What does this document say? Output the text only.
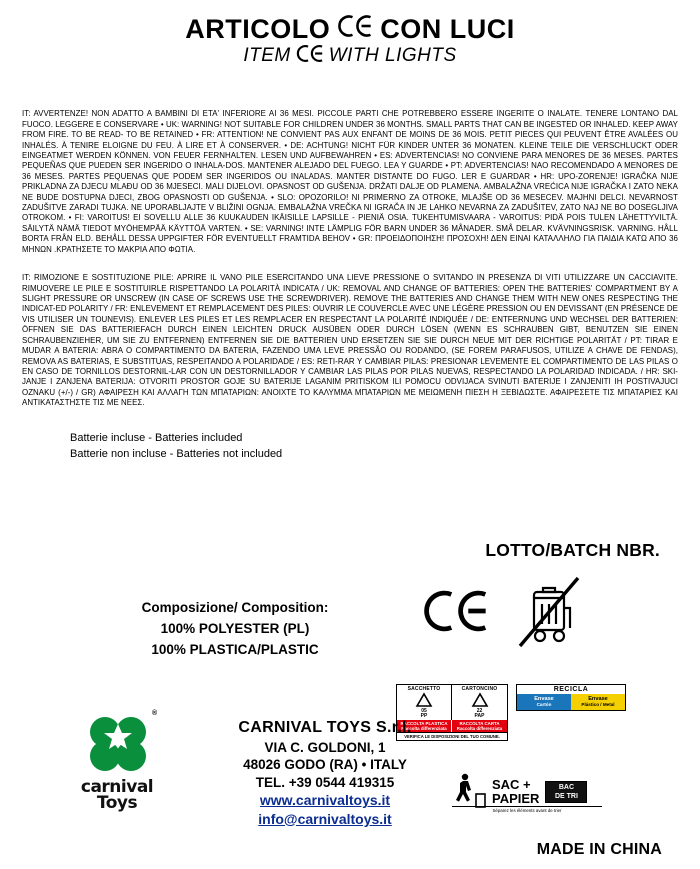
ARTICOLO CON LUCI
ITEM WITH LIGHTS

IT: AVVERTENZE! NON ADATTO A BAMBINI DI ETA' INFERIORE AI 36 MESI. PICCOLE PARTI CHE POTREBBERO ESSERE INGERITE O INALATE. TENERE LONTANO DAL FUOCO. LEGGERE E CONSERVARE • UK: WARNING! NOT SUITABLE FOR CHILDREN UNDER 36 MONTHS. SMALL PARTS THAT CAN BE INGESTED OR INHALED. KEEP AWAY FROM FIRE. TO BE READ- TO BE RETAINED • FR: ATTENTION! NE CONVIENT PAS AUX ENFANT DE MOINS DE 36 MOIS. PETIT PIECES QUI PEUVENT ÊTRE AVALÉES OU INHALÉS. À TENIRE ELOIGNE DU FEU. À LIRE ET À CONSERVER. • DE: ACHTUNG! NICHT FÜR KINDER UNTER 36 MONATEN. KLEINE TEILE DIE VERSCHLUCKT ODER EINGEATMET WERDEN KÖNNEN. VON FEUER FERNHALTEN. LESEN UND AUFBEWAHREN • ES: ADVERTENCIAS! NO CONVIENE PARA MENORES DE 36 MESES. PARTES PEQUEÑAS QUE PUEDEN SER INGERIDO O INHALA-DOS. MANTENER ALEJADO DEL FUEGO. LEA Y GUARDE • PT: ADVERTENCIAS! NAO RECOMENDADO A MENORES DE 36 MESES. PARTES PEQUENAS QUE PODEM SER INGERIDOS OU INALADAS. MANTER DISTANTE DO FUGO. LER E GUARDAR • HR: UPO-ZORENJE! IGRAČKA NIJE PRIKLADNA ZA DJECU MLAĐU OD 36 MJESECI. MALI DIJELOVI. OPASNOST OD GUŠENJA. DRŽATI DALJE OD PLAMENA. AMBALAŽNA VREĆICA NIJE IGRAČKA I ZATO NEKA NE BUDE DOSTUPNA DJECI, ZBOG OPASNOSTI OD GUŠENJA. • SLO: OPOZORILO! NI PRIMERNO ZA OTROKE, MLAJŠE OD 36 MESECEV. MAJHNI DELCI. NEVARNOST ZADUŠITVE ZARADI TUJKA. NE UPORABLJAJTE V BLIŽINI OGNJA. EMBALAŽNA VREČKA NI IGRAČA IN JE LAHKO NEVARNA ZA ZADUŠITEV, ZATO NAJ NE BO DOSEGLJIVA OTROKOM. • FI: VAROITUS! EI SOVELLU ALLE 36 KUUKAUDEN IKÄISILLE LAPSILLE - PIENIÄ OSIA. TUKEHTUMISVAARA - VAROITUS: PIDÄ POIS TULEN LÄHETTYVILTÄ. SÄILYTÄ NÄMÄ TIEDOT MYÖHEMPÄÄ KÄYTTÖÄ VARTEN. • SE: VARNING! INTE LÄMPLIG FÖR BARN UNDER 36 MÅNADER. SMÅ DELAR. KVÄVNINGSRISK. VARNING. HÅLL BORTA FRÅN ELD. BEHÅLL DESSA UPPGIFTER FÖR EVENTUELLT FRAMTIDA BEHOV • GR: ΠΡΟΕΙΔΟΠΟΙΗΣΗ! ΠΡΟΣΟΧΗ! ΔΕΝ ΕΙΝΑΙ ΚΑΤΑΛΛΗΛΟ ΓΙΑ ΠΑΙΔΙΑ ΚΑΤΩ ΑΠΟ 36 ΜΗΝΩΝ .ΚΡΑΤΗΣΕΤΕ ΤΟ ΜΑΚΡΙΑ ΑΠΟ ΦΩΤΙΑ.

IT: RIMOZIONE E SOSTITUZIONE PILE: APRIRE IL VANO PILE ESERCITANDO UNA LIEVE PRESSIONE O SVITANDO IN PRESENZA DI VITI UTILIZZARE UN CACCIAVITE. RIMUOVERE LE PILE E SOSTITUIRLE RISPETTANDO LA POLARITÀ INDICATA / UK: REMOVAL AND CHANGE OF BATTERIES: OPEN THE BATTERIES' COMPARTMENT BY A SLIGHT PRESSURE OR UNSCREW (IN CASE OF SCREWS USE THE SCREWDRIVER). REMOVE THE BATTERIES AND CHANGE THEM WITH NEW ONES RESPECTING THE INDICAT-ED POLARITY / FR: ENLEVEMENT ET REMPLACEMENT DES PILES: OUVRIR LE COUVERCLE AVEC UNE LÉGÈRE PRESSION OU EN DEVISSANT (EN PRÉSENCE DE VIS UTILISER UN TOUNEVIS). ENLEVER LES PILES ET LES REMPLACER EN RESPECTANT LA POLARITÉ INDIQUÉE / DE: ENTFERNUNG UND WECHSEL DER BATTERIEN: ÖFFNEN SIE DAS BATTERIEFACH DURCH EINEN LEICHTEN DRUCK AUSÜBEN ODER DURCH LÖSEN (WENN ES SCHRAUBEN GIBT, BENUTZEN SIE EINEN SCHRAUBENZIEHER, UM SIE ZU ENTFERNEN) ENTFERNEN SIE DIE BATTERIEN UND ERSETZEN SIE SIE DURCH NEUE MIT DER RICHTIGE POLARITÄT / PT: TIRAR E MUDAR A BATERIA: ABRA O COMPARTIMENTO DA BATERIA, FAZENDO UMA LEVE PRESSÃO OU RODANDO, (SE FOREM PARAFUSOS, UTILIZE A CHAVE DE FENDAS), REMOVA AS BATERIAS, E SUBSTITUAS, RESPEITANDO A POLARIDADE / ES: RETI-RAR Y CAMBIAR PILAS: PRESIONAR LEVEMENTE EL COMPARTIMENTO DE LAS PILAS O EN CASO DE TORNILLOS DESTORNIL-LAR CON UN DESTORNILLADOR Y CAMBIAR LAS PILAS POR PILAS NUEVAS, RESPECTANDO LA POLARIDAD INDICADA. / HR: SKI-JANJE I ZANJENA BATERIJA: OTVORITI PROSTOR GOJE SU BATERIJE LAGANIM PRITISKOM ILI POMOCU ODVIJACA SVINUTI BATERIJE I ZANJENITI IH POSTIVAJUCI OZNAKU (+/-) / GR) ΑΦΑΙΡΕΣΗ ΚΑΙ ΑΛΛΑΓΗ ΤΩΝ ΜΠΑΤΑΡΙΩΝ: ΑΝΟΙΧΤΕ ΤΟ ΚΑΛΥΜΜΑ ΜΠΑΤΑΡΙΩΝ ΜΕ ΜΕΙΩΜΕΝΗ ΠΙΕΣΗ Η ΞΕΒΙΔΩΣΤΕ. ΑΦΑΙΡΕΣΕΤΕ ΤΙΣ ΜΠΑΤΑΡΙΕΣ ΚΑΙ ΑΝΤΙΚΑΤΑΣΤΗΣΤΕ ΤΙΣ ΜΕ ΝΕΕΣ.

Batterie incluse - Batteries included
Batterie non incluse - Batteries not included
LOTTO/BATCH NBR.
Composizione/ Composition:
100% POLYESTER (PL)
100% PLASTICA/PLASTIC
SACCHETTO	CARTONCINO
05
PP
22
PAP
RACCOLTA PLASTICA
Raccolta differenziata
RACCOLTA CARTA
Raccolta differenziata
VERIFICA LE DISPOSIZIONI DEL TUO COMUNE.
RECICLA
Envase
Cartón
Envase
Plástico / Metal
SAC +
PAPIER
BAC
DE TRI
Séparez les éléments avant de trier
carnival
Toys
®
CARNIVAL TOYS S.r.l.
VIA C. GOLDONI, 1
48026 GODO (RA) • ITALY
TEL. +39 0544 419315
www.carnivaltoys.it
info@carnivaltoys.it
MADE IN CHINA
